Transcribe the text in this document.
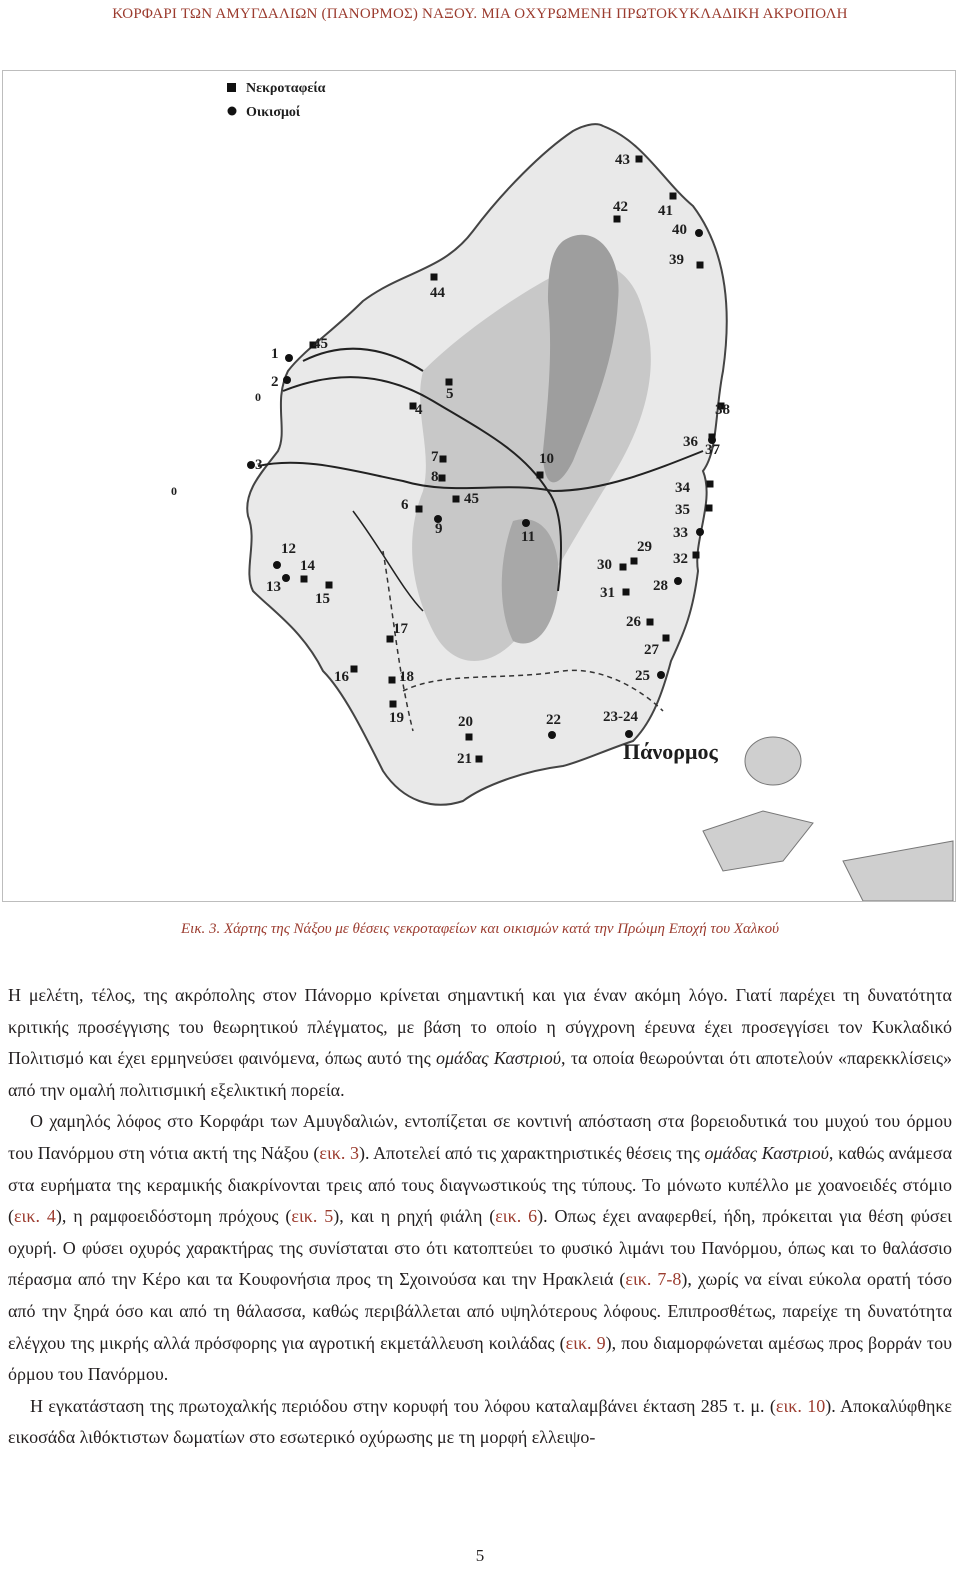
ΚΟΡΦΑΡΙ ΤΩΝ ΑΜΥΓΔΑΛΙΩΝ (ΠΑΝΟΡΜΟΣ) ΝΑΞΟΥ. ΜΙΑ ΟΧΥΡΩΜΕΝΗ ΠΡΩΤΟΚΥΚΛΑΔΙΚΗ ΑΚΡΟΠΟΛΗ
Νεκροταφεία
Οικισμοί
Πάνορμος
1
2
3
4
5
6
7
8
9
10
11
12
13
14
15
16
17
18
19	20
21
22	23-24
25
26
27
28
29
30
31
32
33
34
35
36 37
38
39
40
41
42
43
44
45
45
0
0
Εικ. 3. Χάρτης της Νάξου με θέσεις νεκροταφείων και οικισμών κατά την Πρώιμη Εποχή του Χαλκού

Η μελέτη, τέλος, της ακρόπολης στον Πάνορμο κρίνεται σημαντική και για έναν ακόμη λόγο. Γιατί παρέχει τη δυνατότητα κριτικής προσέγγισης του θεωρητικού πλέγματος, με βάση το οποίο η σύγχρονη έρευνα έχει προσεγγίσει τον Κυκλαδικό Πολιτισμό και έχει ερμηνεύσει φαινόμενα, όπως αυτό της ομάδας Καστριού, τα οποία θεωρούνται ότι αποτελούν «παρεκκλίσεις» από την ομαλή πολιτισμική εξελικτική πορεία.

Ο χαμηλός λόφος στο Κορφάρι των Αμυγδαλιών, εντοπίζεται σε κοντινή απόσταση στα βορειοδυτικά του μυχού του όρμου του Πανόρμου στη νότια ακτή της Νάξου (εικ. 3). Αποτελεί από τις χαρακτηριστικές θέσεις της ομάδας Καστριού, καθώς ανάμεσα στα ευρήματα της κεραμικής διακρίνονται τρεις από τους διαγνωστικούς της τύπους. Το μόνωτο κυπέλλο με χοανοειδές στόμιο (εικ. 4), η ραμφοειδόστομη πρόχους (εικ. 5), και η ρηχή φιάλη (εικ. 6). Οπως έχει αναφερθεί, ήδη, πρόκειται για θέση φύσει οχυρή. Ο φύσει οχυρός χαρακτήρας της συνίσταται στο ότι κατοπτεύει το φυσικό λιμάνι του Πανόρμου, όπως και το θαλάσσιο πέρασμα από την Κέρο και τα Κουφονήσια προς τη Σχοινούσα και την Ηρακλειά (εικ. 7-8), χωρίς να είναι εύκολα ορατή τόσο από την ξηρά όσο και από τη θάλασσα, καθώς περιβάλλεται από υψηλότερους λόφους. Επιπροσθέτως, παρείχε τη δυνατότητα ελέγχου της μικρής αλλά πρόσφορης για αγροτική εκμετάλλευση κοιλάδας (εικ. 9), που διαμορφώνεται αμέσως προς βορράν του όρμου του Πανόρμου.

Η εγκατάσταση της πρωτοχαλκής περιόδου στην κορυφή του λόφου καταλαμβάνει έκταση 285 τ. μ. (εικ. 10). Αποκαλύφθηκε εικοσάδα λιθόκτιστων δωματίων στο εσωτερικό οχύρωσης με τη μορφή ελλειψο-

5
